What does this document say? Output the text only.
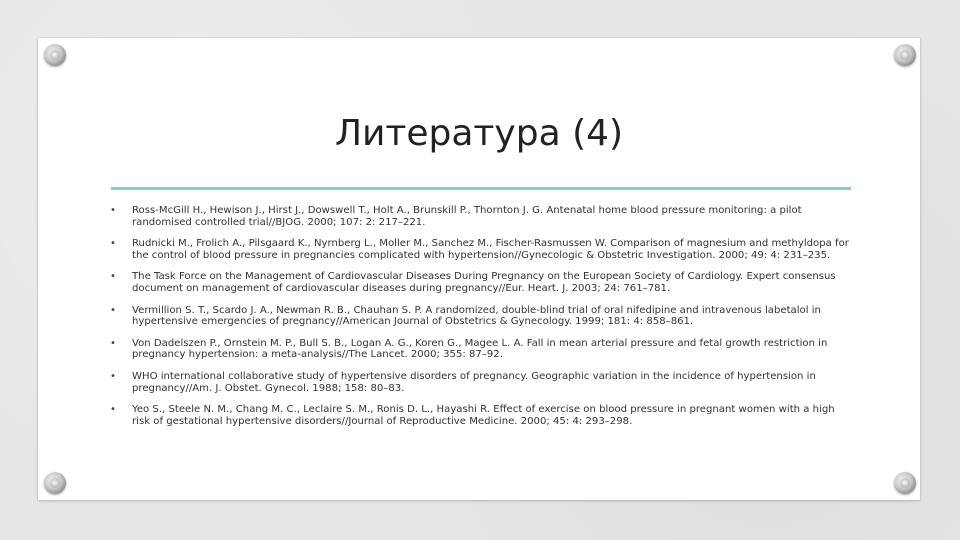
Литература (4)
• Ross-McGill H., Hewison J., Hirst J., Dowswell T., Holt A., Brunskill P., Thornton J. G. Antenatal home blood pressure monitoring: a pilot randomised controlled trial//BJOG. 2000; 107: 2: 217–221.
• Rudnicki M., Frolich A., Pilsgaard K., Nyrnberg L., Moller M., Sanchez M., Fischer-Rasmussen W. Comparison of magnesium and methyldopa for the control of blood pressure in pregnancies complicated with hypertension//Gynecologic & Obstetric Investigation. 2000; 49: 4: 231–235.
• The Task Force on the Management of Cardiovascular Diseases During Pregnancy on the European Society of Cardiology. Expert consensus document on management of cardiovascular diseases during pregnancy//Eur. Heart. J. 2003; 24: 761–781.
• Vermillion S. T., Scardo J. A., Newman R. B., Chauhan S. P. A randomized, double-blind trial of oral nifedipine and intravenous labetalol in hypertensive emergencies of pregnancy//American Journal of Obstetrics & Gynecology. 1999; 181: 4: 858–861.
• Von Dadelszen P., Ornstein M. P., Bull S. B., Logan A. G., Koren G., Magee L. A. Fall in mean arterial pressure and fetal growth restriction in pregnancy hypertension: a meta-analysis//The Lancet. 2000; 355: 87–92.
• WHO international collaborative study of hypertensive disorders of pregnancy. Geographic variation in the incidence of hypertension in pregnancy//Am. J. Obstet. Gynecol. 1988; 158: 80–83.
• Yeo S., Steele N. M., Chang M. C., Leclaire S. M., Ronis D. L., Hayashi R. Effect of exercise on blood pressure in pregnant women with a high risk of gestational hypertensive disorders//Journal of Reproductive Medicine. 2000; 45: 4: 293–298.
